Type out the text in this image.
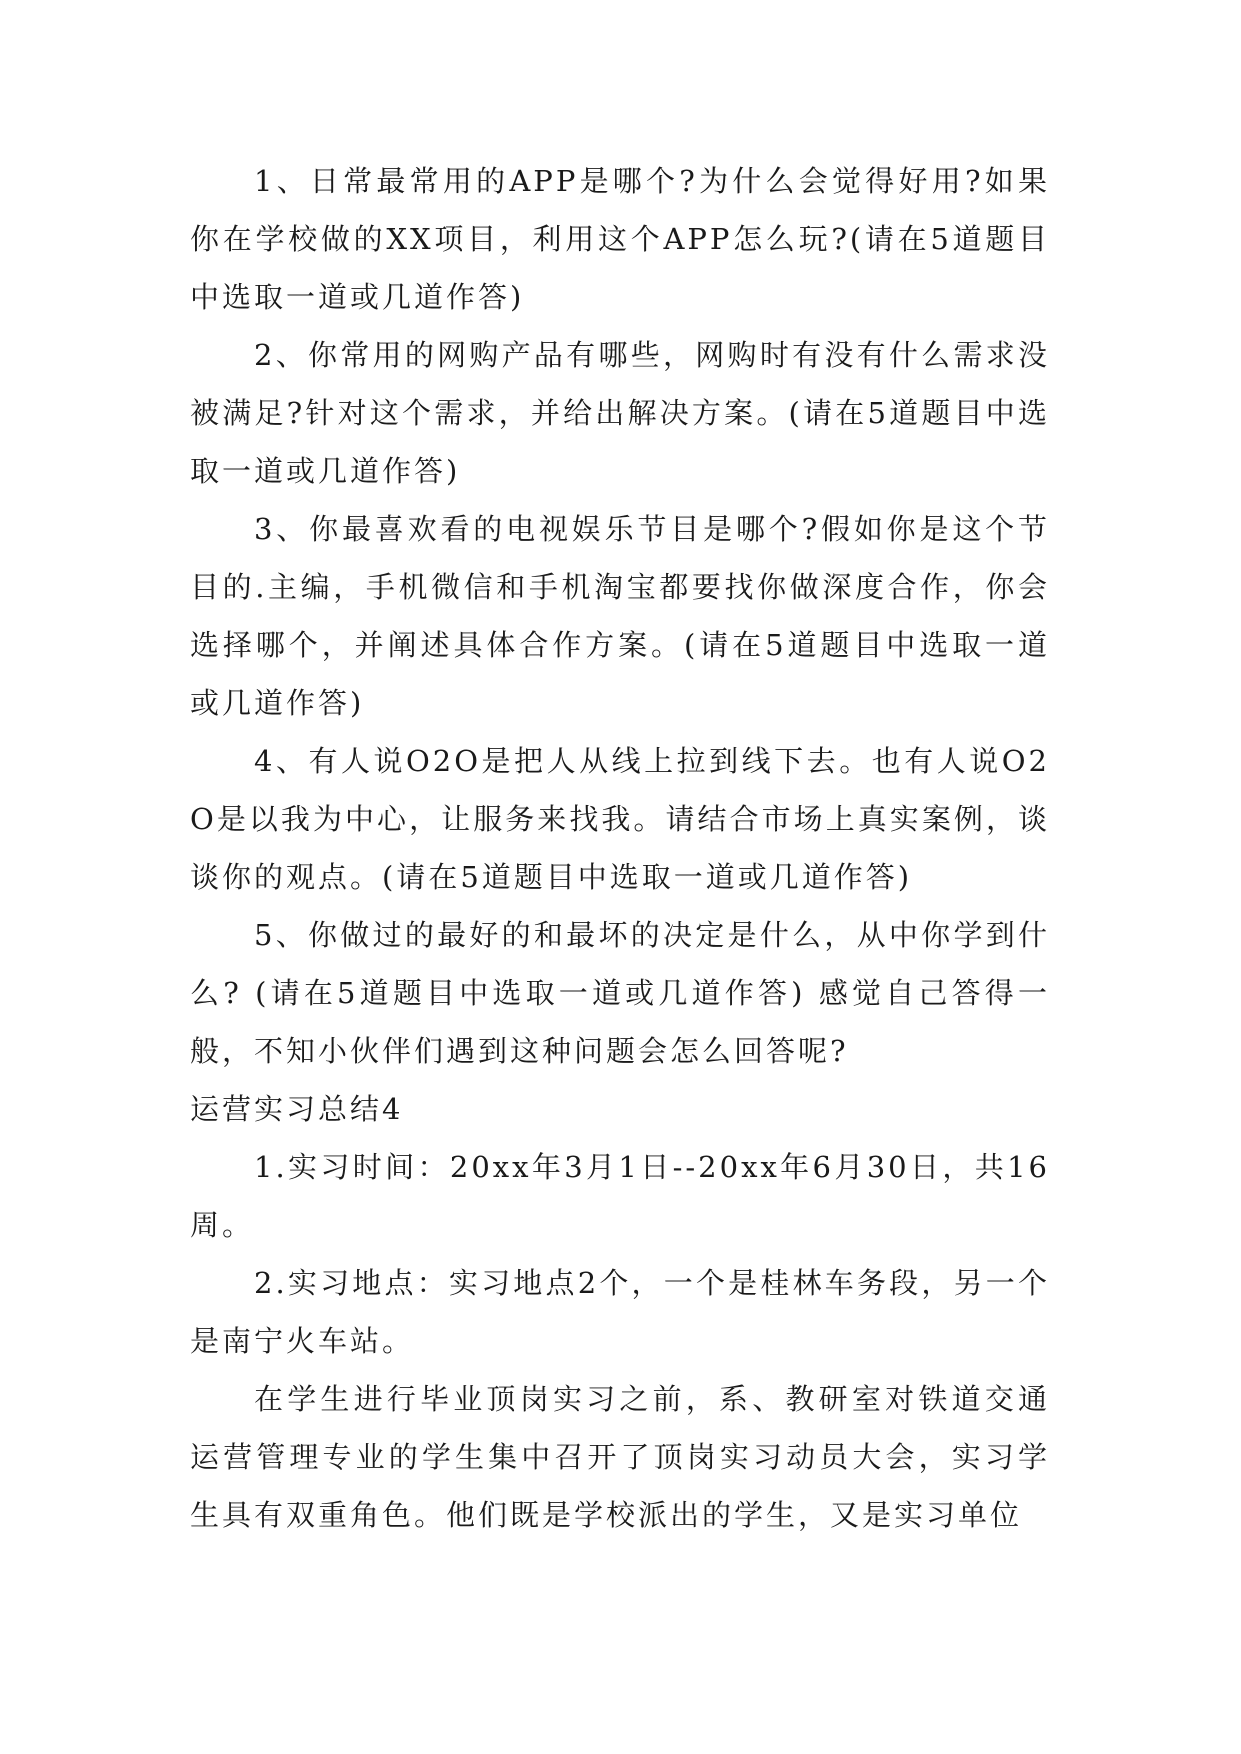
1、日常最常用的APP是哪个?为什么会觉得好用?如果你在学校做的XX项目，利用这个APP怎么玩?(请在5道题目中选取一道或几道作答)

2、你常用的网购产品有哪些，网购时有没有什么需求没被满足?针对这个需求，并给出解决方案。(请在5道题目中选取一道或几道作答)

3、你最喜欢看的电视娱乐节目是哪个?假如你是这个节目的.主编，手机微信和手机淘宝都要找你做深度合作，你会选择哪个，并阐述具体合作方案。(请在5道题目中选取一道或几道作答)

4、有人说O2O是把人从线上拉到线下去。也有人说O2O是以我为中心，让服务来找我。请结合市场上真实案例，谈谈你的观点。(请在5道题目中选取一道或几道作答)

5、你做过的最好的和最坏的决定是什么，从中你学到什么? (请在5道题目中选取一道或几道作答) 感觉自己答得一般，不知小伙伴们遇到这种问题会怎么回答呢?

运营实习总结4

1.实习时间：20xx年3月1日--20xx年6月30日，共16周。

2.实习地点：实习地点2个，一个是桂林车务段，另一个是南宁火车站。

在学生进行毕业顶岗实习之前，系、教研室对铁道交通运营管理专业的学生集中召开了顶岗实习动员大会，实习学生具有双重角色。他们既是学校派出的学生，又是实习单位
